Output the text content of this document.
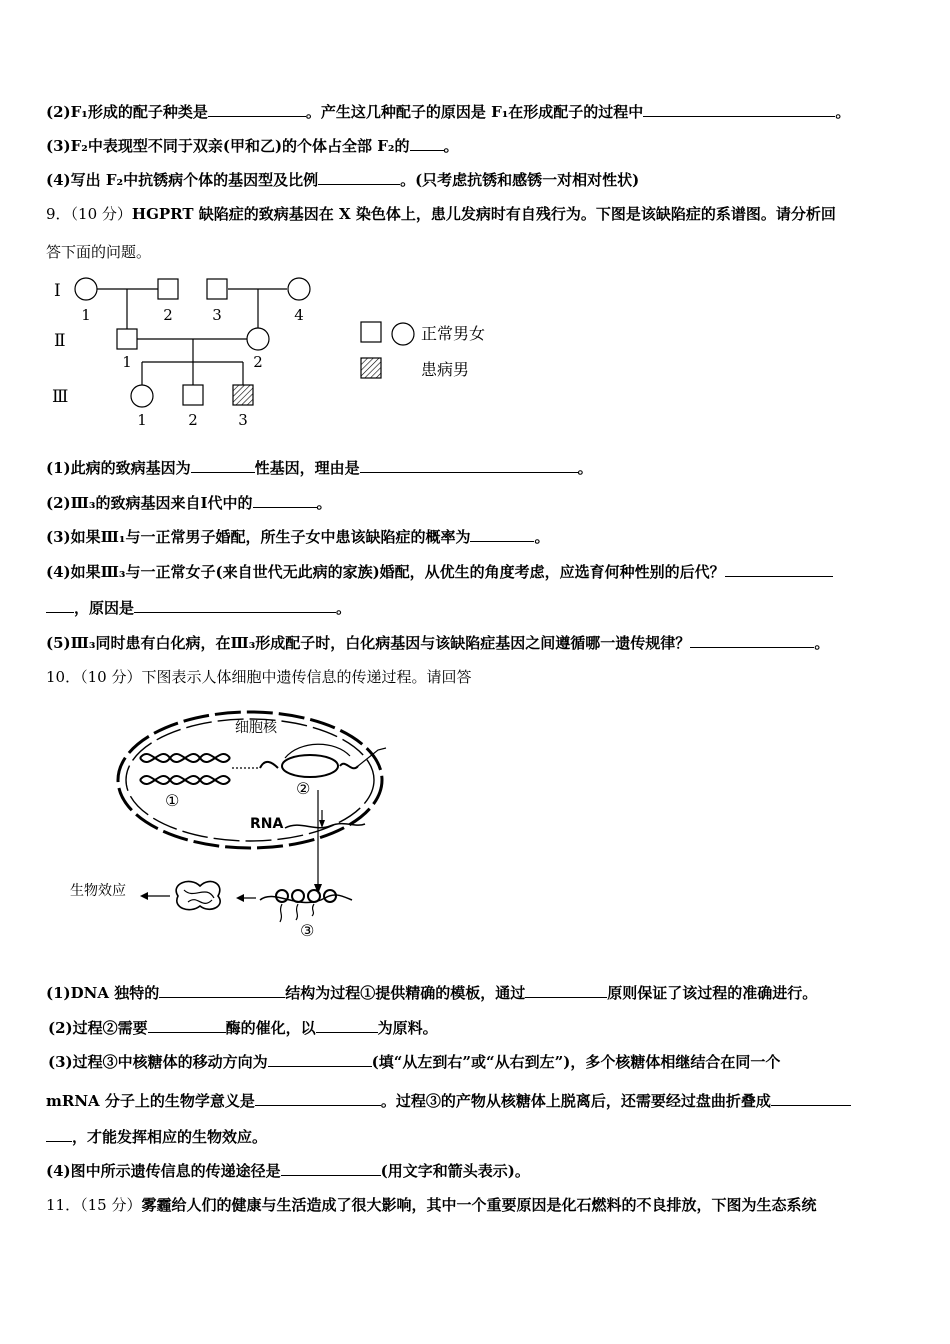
(2)F₁形成的配子种类是	。产生这几种配子的原因是 F₁在形成配子的过程中	。
(3)F₂中表现型不同于双亲(甲和乙)的个体占全部 F₂的 。
(4)写出 F₂中抗锈病个体的基因型及比例	。(只考虑抗锈和感锈一对相对性状)
9．（10 分）HGPRT 缺陷症的致病基因在 X 染色体上，患儿发病时有自残行为。下图是该缺陷症的系谱图。请分析回
答下面的问题。
Ⅰ
Ⅱ
Ⅲ
1	2	3	4
1	2
1	2	3
正常男女
患病男
(1)此病的致病基因为	性基因，理由是	。
(2)Ⅲ₃的致病基因来自Ⅰ代中的	。
(3)如果Ⅲ₁与一正常男子婚配，所生子女中患该缺陷症的概率为	。
(4)如果Ⅲ₃与一正常女子(来自世代无此病的家族)婚配，从优生的角度考虑，应选育何种性别的后代？
，原因是	。
(5)Ⅲ₃同时患有白化病，在Ⅲ₃形成配子时，白化病基因与该缺陷症基因之间遵循哪一遗传规律？	。
10．（10 分）下图表示人体细胞中遗传信息的传递过程。请回答
细胞核
RNA
生物效应
①
②
③
(1)DNA 独特的	结构为过程①提供精确的模板，通过	原则保证了该过程的准确进行。
(2)过程②需要	酶的催化，以	为原料。
(3)过程③中核糖体的移动方向为	(填“从左到右”或“从右到左”)，多个核糖体相继结合在同一个
mRNA 分子上的生物学意义是	。过程③的产物从核糖体上脱离后，还需要经过盘曲折叠成
，才能发挥相应的生物效应。
(4)图中所示遗传信息的传递途径是	(用文字和箭头表示)。
11．（15 分）雾霾给人们的健康与生活造成了很大影响，其中一个重要原因是化石燃料的不良排放，下图为生态系统
